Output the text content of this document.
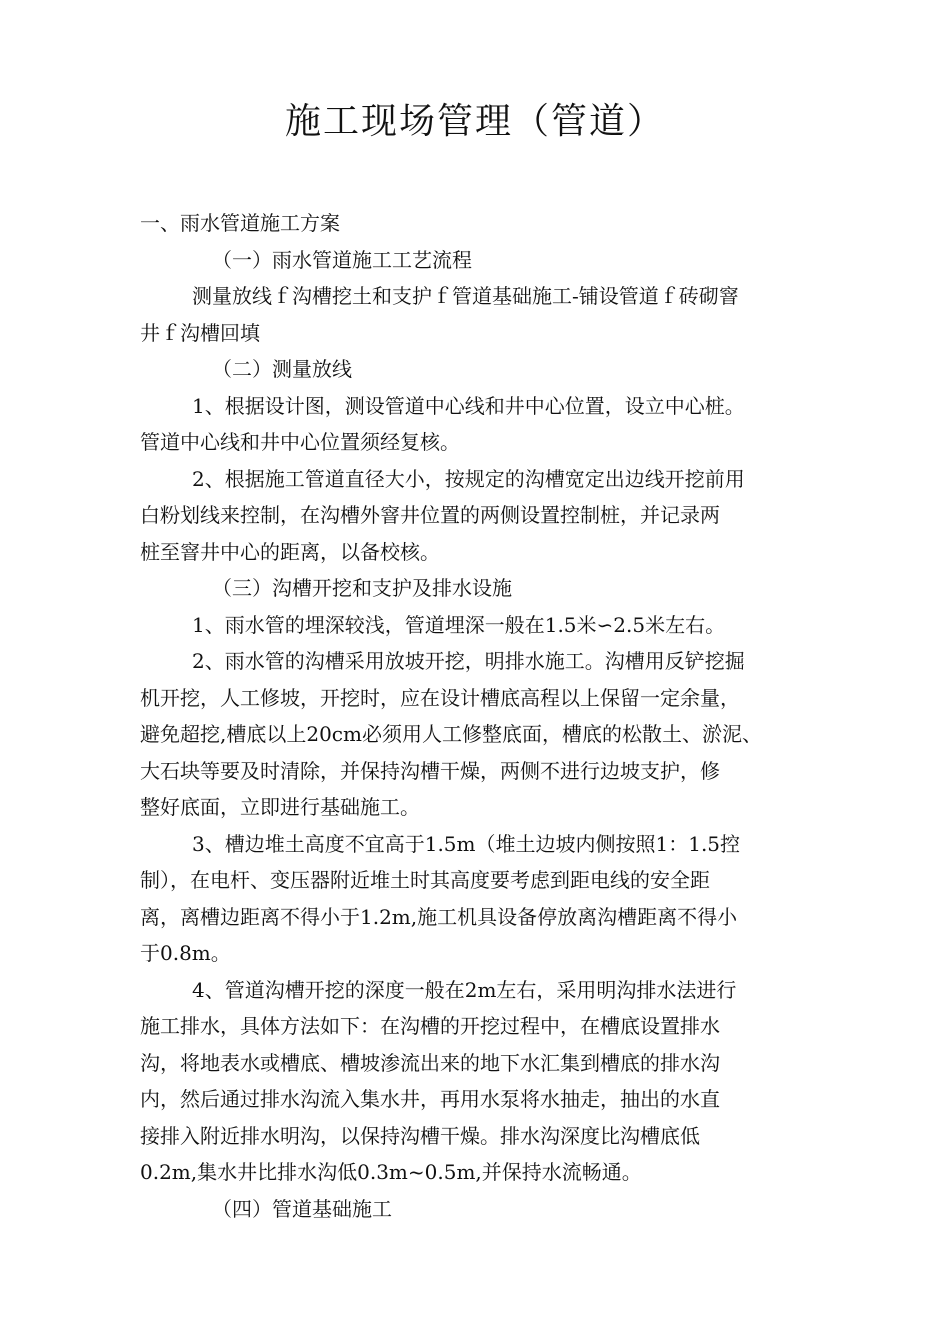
施工现场管理（管道）
一、雨水管道施工方案
（一）雨水管道施工工艺流程
测量放线ｆ沟槽挖土和支护ｆ管道基础施工-铺设管道ｆ砖砌窨
井ｆ沟槽回填
（二）测量放线
1、根据设计图，测设管道中心线和井中心位置，设立中心桩。
管道中心线和井中心位置须经复核。
2、根据施工管道直径大小，按规定的沟槽宽定出边线开挖前用
白粉划线来控制，在沟槽外窨井位置的两侧设置控制桩，并记录两
桩至窨井中心的距离，以备校核。
（三）沟槽开挖和支护及排水设施
1、雨水管的埋深较浅，管道埋深一般在1.5米∽2.5米左右。
2、雨水管的沟槽采用放坡开挖，明排水施工。沟槽用反铲挖掘
机开挖，人工修坡，开挖时，应在设计槽底高程以上保留一定余量，
避免超挖,槽底以上20cm必须用人工修整底面，槽底的松散土、淤泥、
大石块等要及时清除，并保持沟槽干燥，两侧不进行边坡支护，修
整好底面，立即进行基础施工。
3、槽边堆土高度不宜高于1.5m（堆土边坡内侧按照1：1.5控
制），在电杆、变压器附近堆土时其高度要考虑到距电线的安全距
离，离槽边距离不得小于1.2m,施工机具设备停放离沟槽距离不得小
于0.8m。
4、管道沟槽开挖的深度一般在2m左右，采用明沟排水法进行
施工排水，具体方法如下：在沟槽的开挖过程中，在槽底设置排水
沟，将地表水或槽底、槽坡渗流出来的地下水汇集到槽底的排水沟
内，然后通过排水沟流入集水井，再用水泵将水抽走，抽出的水直
接排入附近排水明沟，以保持沟槽干燥。排水沟深度比沟槽底低
0.2m,集水井比排水沟低0.3m~0.5m,并保持水流畅通。
（四）管道基础施工
